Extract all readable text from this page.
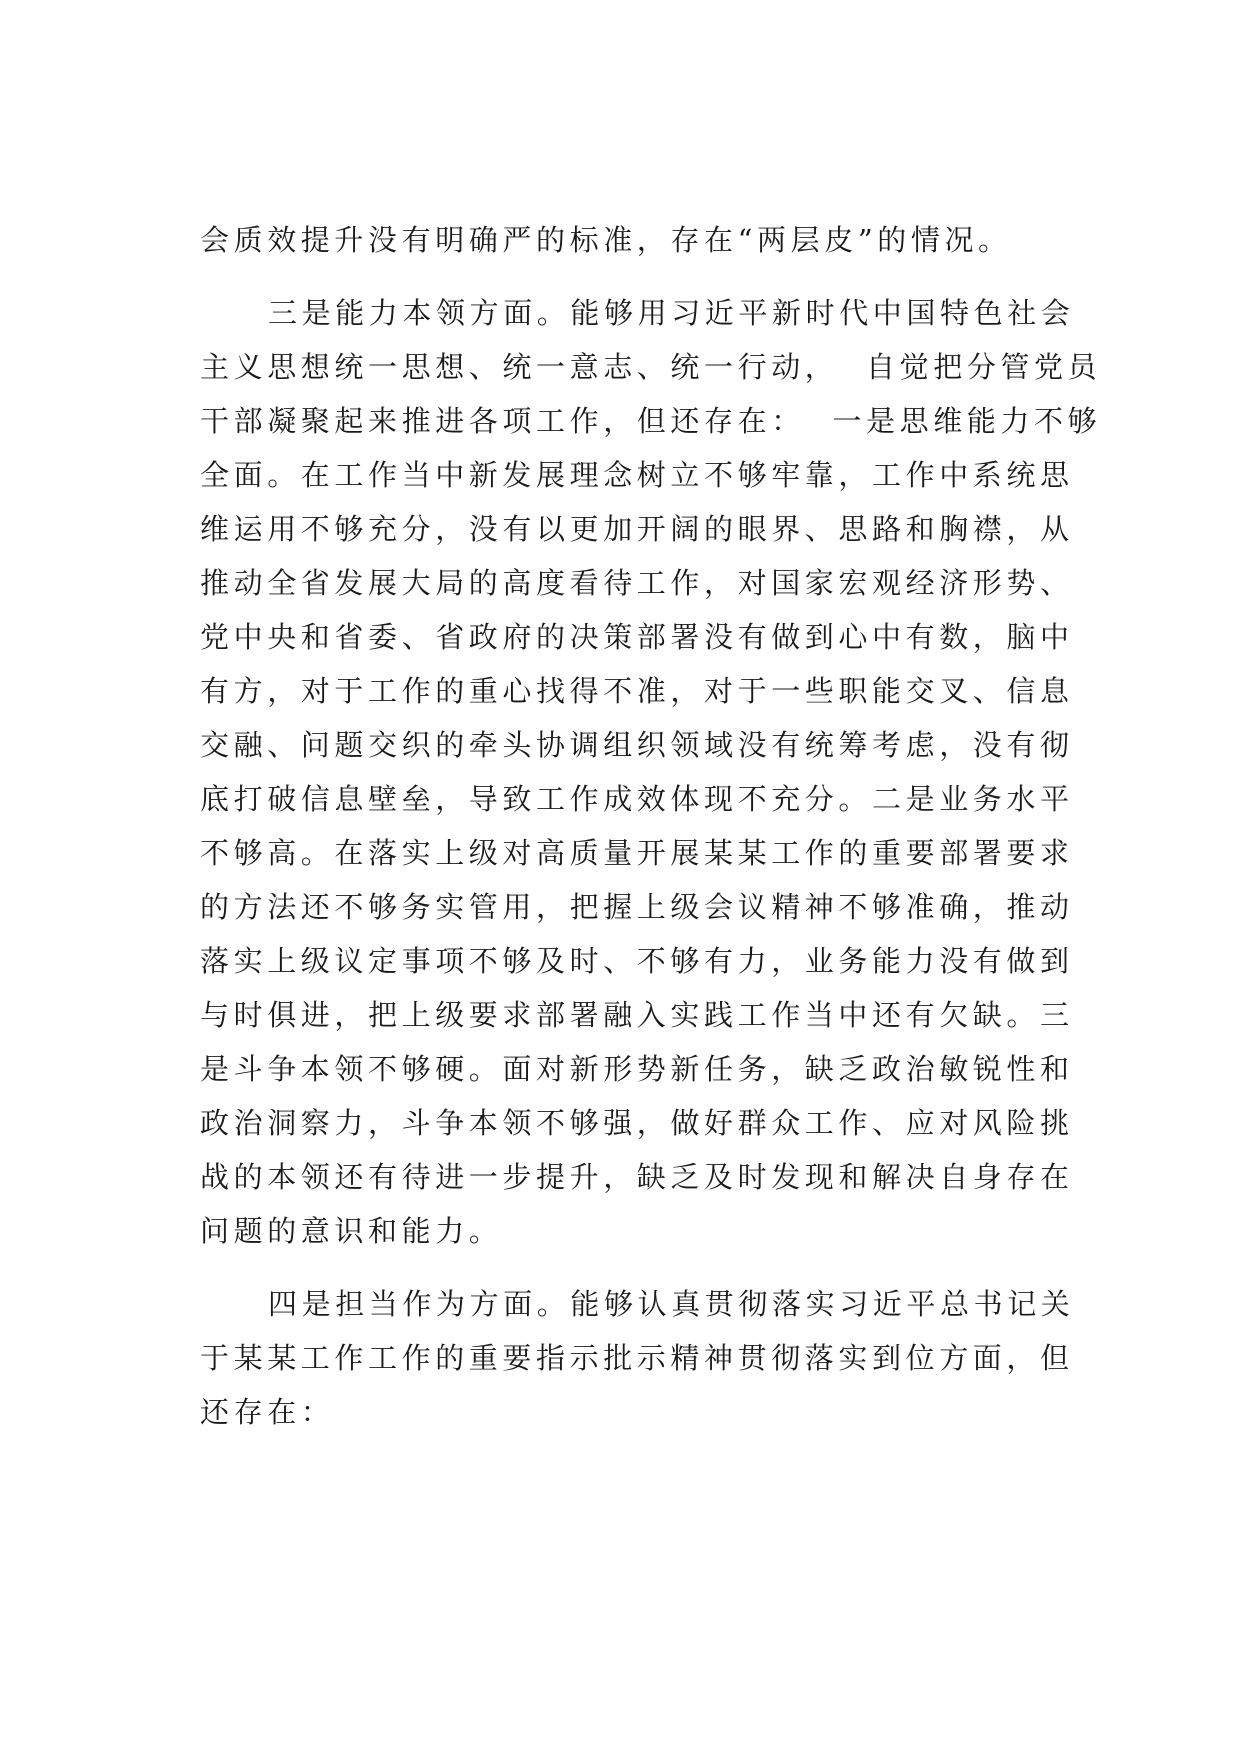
会质效提升没有明确严的标准，存在“两层皮”的情况。
三是能力本领方面。能够用习近平新时代中国特色社会
主义思想统一思想、统一意志、统一行动，  自觉把分管党员
干部凝聚起来推进各项工作，但还存在：  一是思维能力不够
全面。在工作当中新发展理念树立不够牢靠，工作中系统思
维运用不够充分，没有以更加开阔的眼界、思路和胸襟，从
推动全省发展大局的高度看待工作，对国家宏观经济形势、
党中央和省委、省政府的决策部署没有做到心中有数，脑中
有方，对于工作的重心找得不准，对于一些职能交叉、信息
交融、问题交织的牵头协调组织领域没有统筹考虑，没有彻
底打破信息壁垒，导致工作成效体现不充分。二是业务水平
不够高。在落实上级对高质量开展某某工作的重要部署要求
的方法还不够务实管用，把握上级会议精神不够准确，推动
落实上级议定事项不够及时、不够有力，业务能力没有做到
与时俱进，把上级要求部署融入实践工作当中还有欠缺。三
是斗争本领不够硬。面对新形势新任务，缺乏政治敏锐性和
政治洞察力，斗争本领不够强，做好群众工作、应对风险挑
战的本领还有待进一步提升，缺乏及时发现和解决自身存在
问题的意识和能力。
四是担当作为方面。能够认真贯彻落实习近平总书记关
于某某工作工作的重要指示批示精神贯彻落实到位方面，但
还存在：
